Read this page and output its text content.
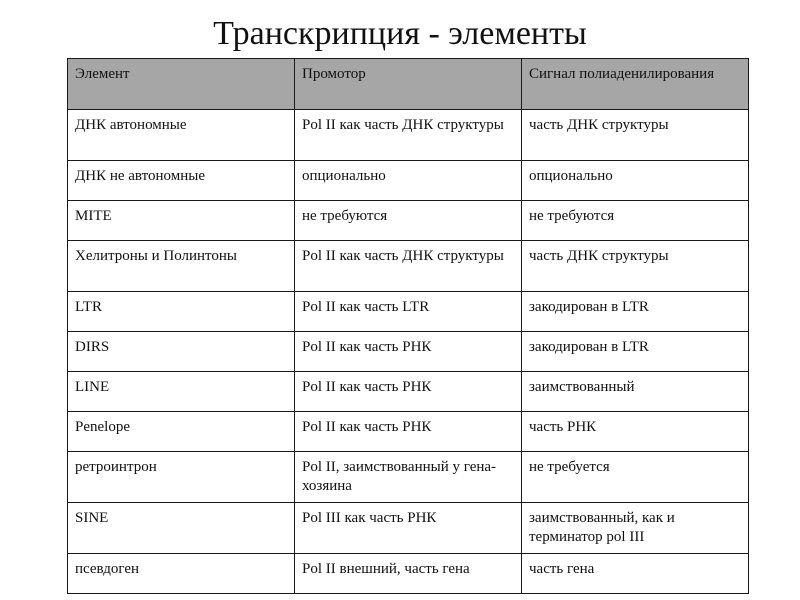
Транскрипция - элементы
Элемент	Промотор	Сигнал полиаденилирования
ДНК автономные	Pol II как часть ДНК структуры	часть ДНК структуры
ДНК не автономные	опционально	опционально
MITE	не требуются	не требуются
Хелитроны и Полинтоны	Pol II как часть ДНК структуры	часть ДНК структуры
LTR	Pol II как часть LTR	закодирован в LTR
DIRS	Pol II как часть РНК	закодирован в LTR
LINE	Pol II как часть РНК	заимствованный
Penelope	Pol II как часть РНК	часть РНК
ретроинтрон	Pol II, заимствованный у гена-хозяина	не требуется
SINE	Pol III как часть РНК	заимствованный, как и терминатор pol III
псевдоген	Pol II внешний, часть гена	часть гена
